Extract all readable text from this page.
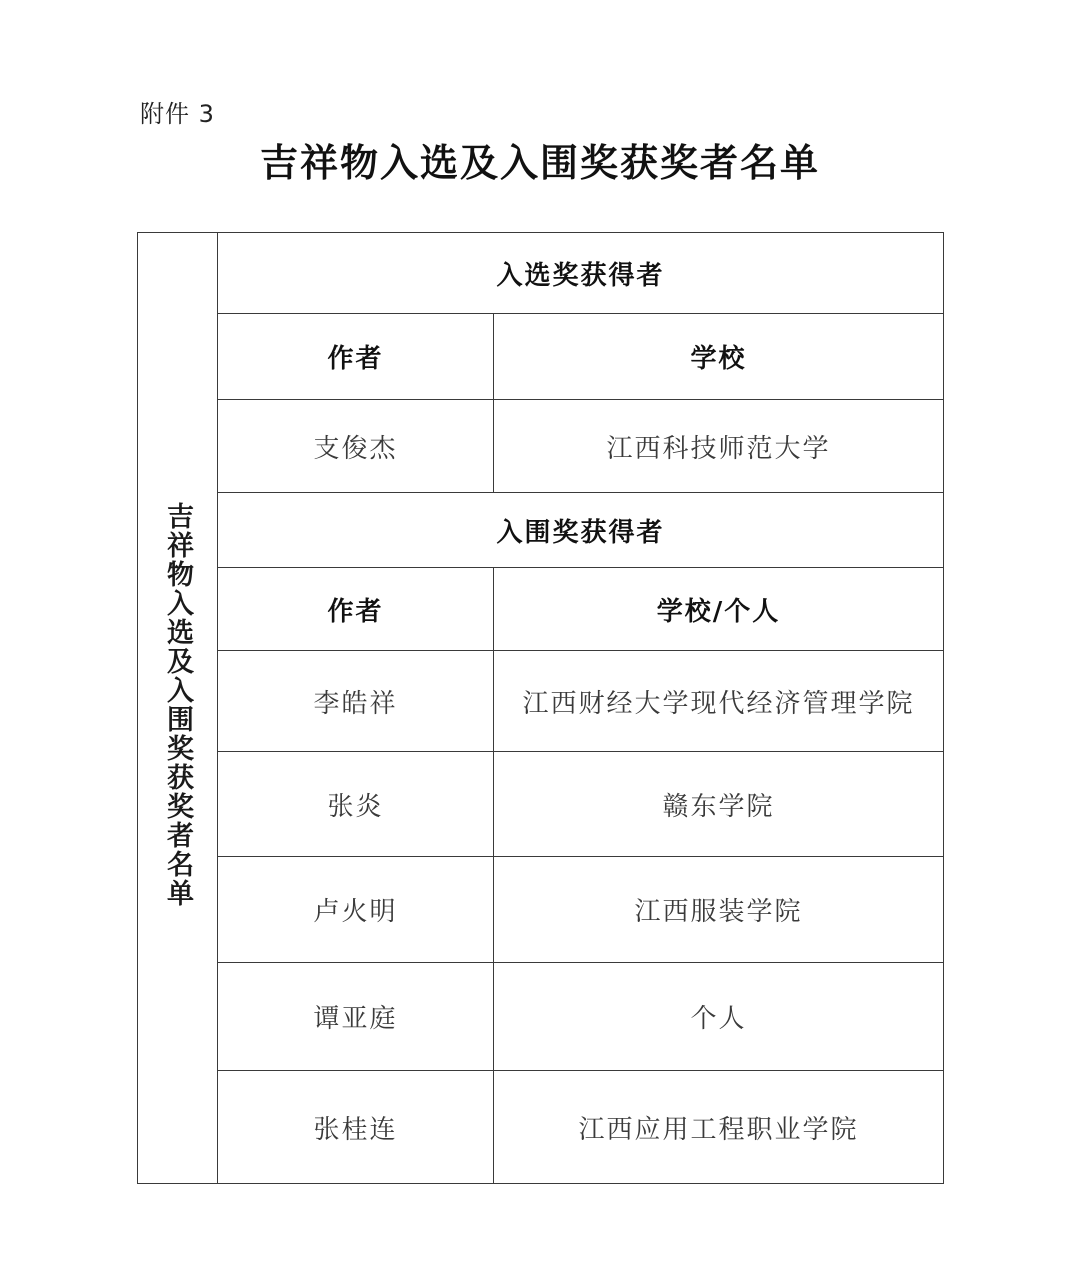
附件 3
吉祥物入选及入围奖获奖者名单
吉祥物入选及入围奖获奖者名单	入选奖获得者	
	作者	学校
	支俊杰	江西科技师范大学
	入围奖获得者	
	作者	学校/个人
	李皓祥	江西财经大学现代经济管理学院
	张炎	赣东学院
	卢火明	江西服装学院
	谭亚庭	个人
	张桂连	江西应用工程职业学院
